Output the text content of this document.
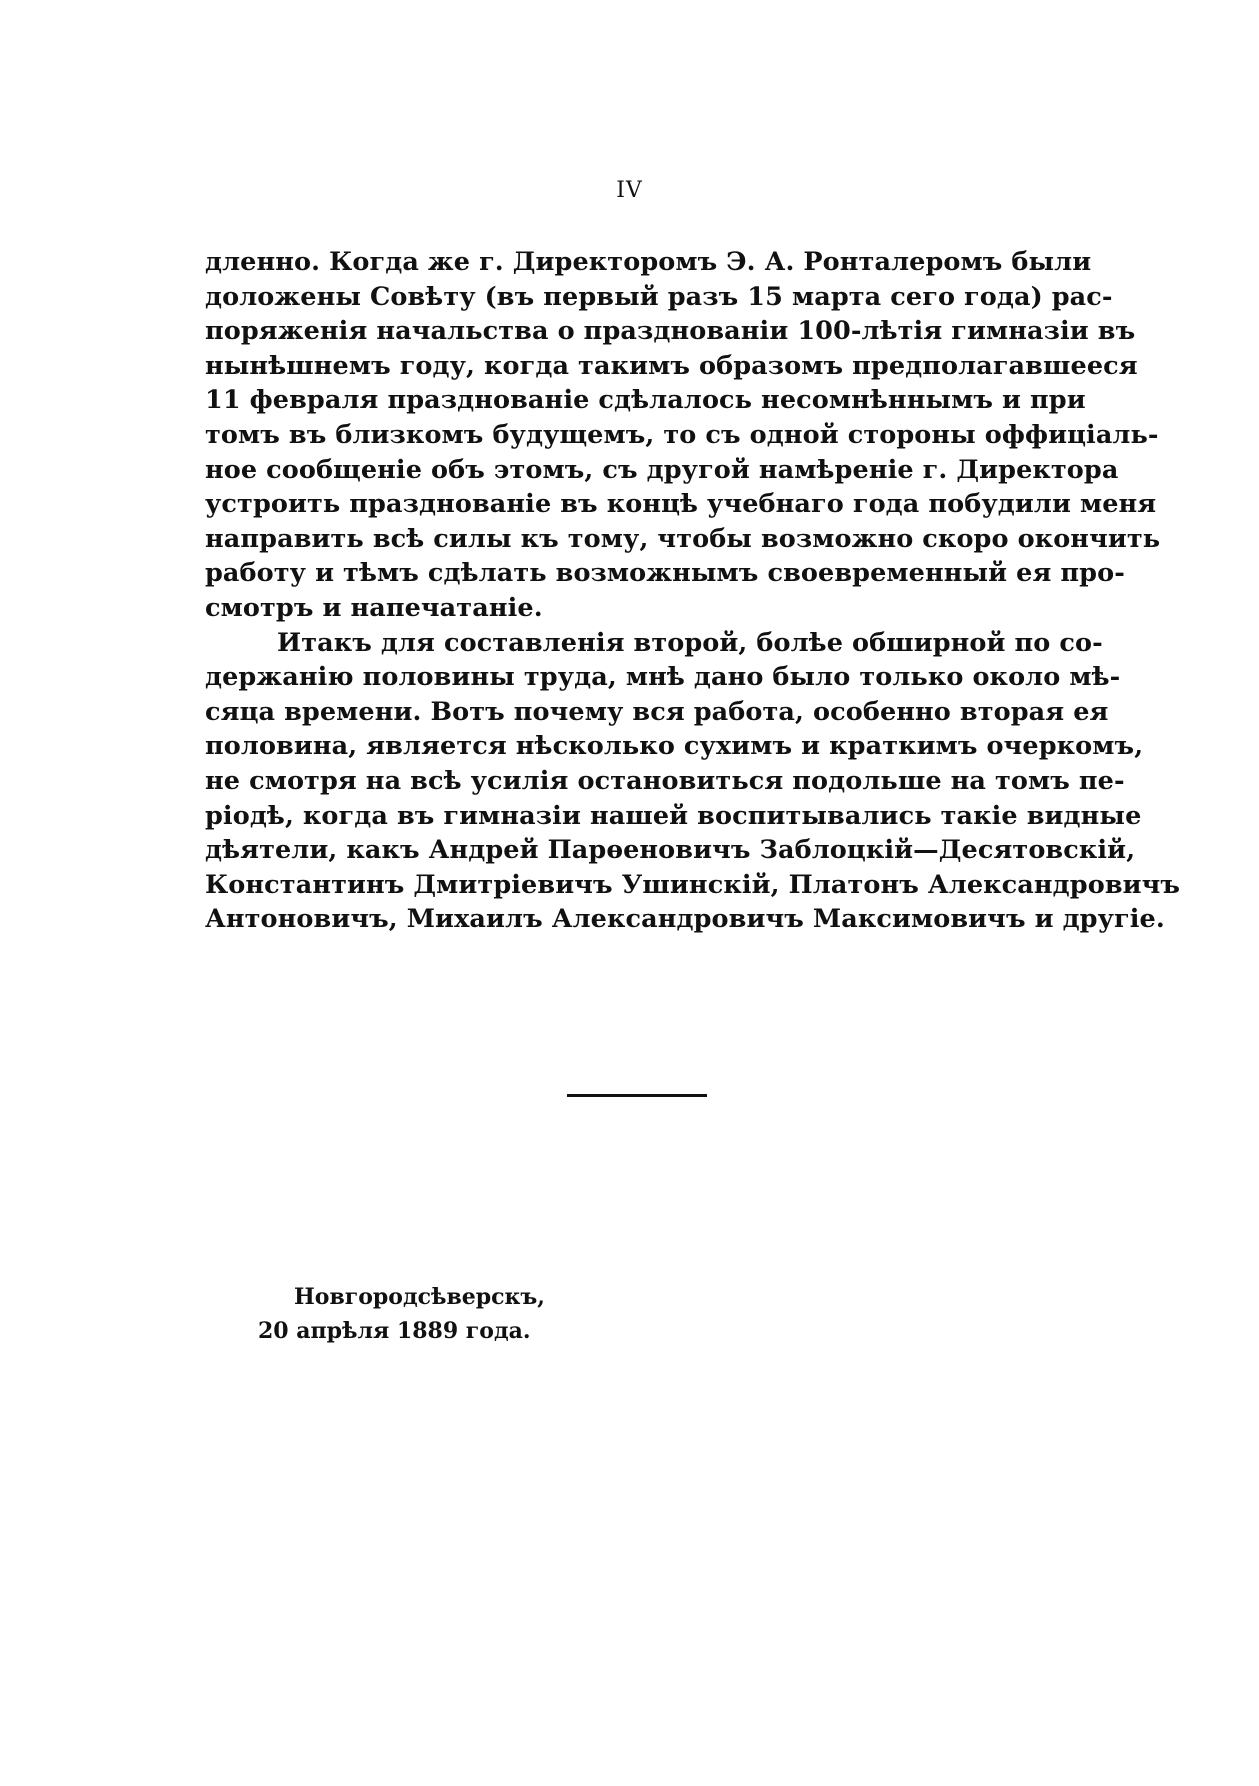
IV
дленно. Когда же г. Директоромъ Э. А. Ронталеромъ были
доложены Совѣту (въ первый разъ 15 марта сего года) рас-
поряженія начальства о празднованіи 100-лѣтія гимназіи въ
нынѣшнемъ году, когда такимъ образомъ предполагавшееся
11 февраля празднованіе сдѣлалось несомнѣннымъ и при
томъ въ близкомъ будущемъ, то съ одной стороны оффиціаль-
ное сообщеніе объ этомъ, съ другой намѣреніе г. Директора
устроить празднованіе въ концѣ учебнаго года побудили меня
направить всѣ силы къ тому, чтобы возможно скоро окончить
работу и тѣмъ сдѣлать возможнымъ своевременный ея про-
смотръ и напечатаніе.
Итакъ для составленія второй, болѣе обширной по со-
держанію половины труда, мнѣ дано было только около мѣ-
сяца времени. Вотъ почему вся работа, особенно вторая ея
половина, является нѣсколько сухимъ и краткимъ очеркомъ,
не смотря на всѣ усилія остановиться подольше на томъ пе-
ріодѣ, когда въ гимназіи нашей воспитывались такіе видные
дѣятели, какъ Андрей Парѳеновичъ Заблоцкій—Десятовскій,
Константинъ Дмитріевичъ Ушинскій, Платонъ Александровичъ
Антоновичъ, Михаилъ Александровичъ Максимовичъ и другіе.
Новгородсѣверскъ,
20 апрѣля 1889 года.
